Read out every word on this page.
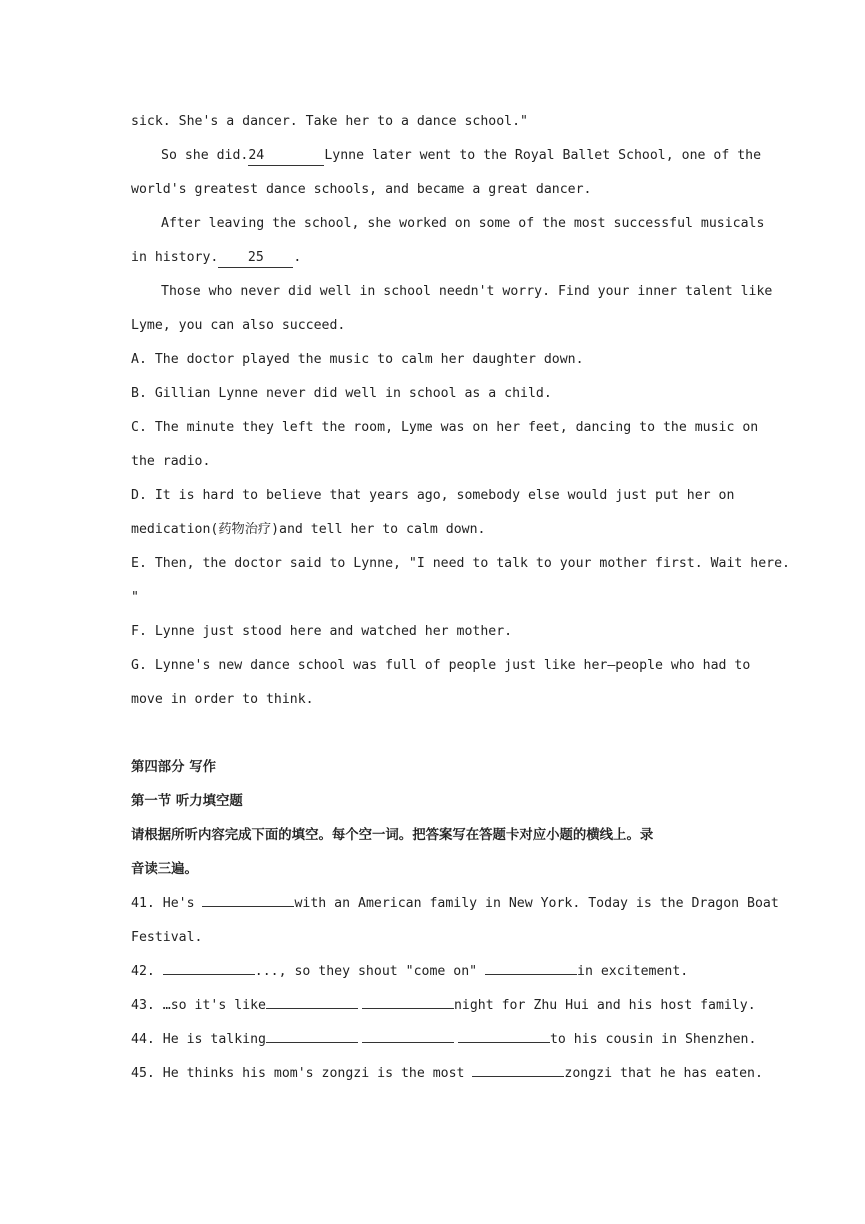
sick. She's a dancer. Take her to a dance school."
So she did.24	Lynne later went to the Royal Ballet School, one of the
world's greatest dance schools, and became a great dancer.
After leaving the school, she worked on some of the most successful musicals
in history. 25 .
Those who never did well in school needn't worry. Find your inner talent like
Lyme, you can also succeed.
A. The doctor played the music to calm her daughter down.
B. Gillian Lynne never did well in school as a child.
C. The minute they left the room, Lyme was on her feet, dancing to the music on
the radio.
D. It is hard to believe that years ago, somebody else would just put her on
medication(药物治疗)and tell her to calm down.
E. Then, the doctor said to Lynne, "I need to talk to your mother first. Wait here.
"
F. Lynne just stood here and watched her mother.
G. Lynne's new dance school was full of people just like her—people who had to
move in order to think.
第四部分 写作
第一节 听力填空题
请根据所听内容完成下面的填空。每个空一词。把答案写在答题卡对应小题的横线上。录
音读三遍。
41. He's	with an American family in New York. Today is the Dragon Boat
Festival.
42.	..., so they shout "come on"	in excitement.
43. …so it's like	night for Zhu Hui and his host family.
44. He is talking	to his cousin in Shenzhen.
45. He thinks his mom's zongzi is the most	zongzi that he has eaten.
